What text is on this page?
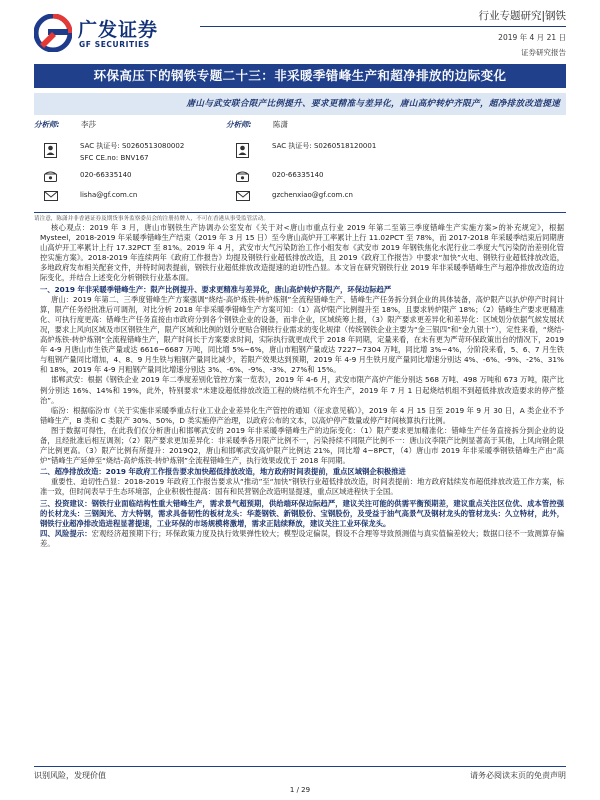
广发证券
GF SECURITIES
行业专题研究|钢铁
2019 年 4 月 21 日
证券研究报告
环保高压下的钢铁专题二十三：非采暖季错峰生产和超净排放的边际变化
唐山与武安联合限产比例提升、要求更精准与差异化，唐山高炉转炉齐限产，超净排放改造提速
分析师:	李莎
SAC 执证号: S0260513080002
SFC CE.no: BNV167
020-66335140
lisha@gf.com.cn
分析师:	陈潇
SAC 执证号: S0260518120001
020-66335140
gzchenxiao@gf.com.cn
请注意，陈潇并非香港证券及期货事务监察委员会的注册持牌人，不可在香港从事受监管活动。

核心观点：2019 年 3 月，唐山市钢铁生产协调办公室发布《关于对<唐山市重点行业 2019 年第二至第三季度错峰生产实施方案>的补充规定》，根据 Mysteel，2018-2019 年采暖季错峰生产结束（2019 年 3 月 15 日）至今唐山高炉开工率累计上行 11.02PCT 至 78%，而 2017-2018 年采暖季结束后同期唐山高炉开工率累计上行 17.32PCT 至 81%。2019 年 4 月，武安市大气污染防治工作小组发布《武安市 2019 年钢铁焦化水泥行业二季度大气污染防治差别化管控实施方案》。2018-2019 年连续两年《政府工作报告》均提及钢铁行业超低排放改造，且 2019《政府工作报告》中要求“加快”火电、钢铁行业超低排放改造，多地政府发布相关配套文件，并特时间表提前，钢铁行业超低排放改造提速的迫切性凸显。本文旨在研究钢铁行业 2019 年非采暖季错峰生产与超净排放改造的边际变化，并结合上述变化分析钢铁行业基本面。

一、2019 年非采暖季错峰生产：限产比例提升、要求更精准与差异化，唐山高炉转炉齐限产，环保边际趋严

唐山：2019 年第二、三季度错峰生产方案强调“烧结-高炉炼铁-转炉炼钢”全流程错峰生产、错峰生产任务拆分到企业的具体装备，高炉限产以扒炉停产时间计算，限产任务经批准后可调剂，对比分析 2018 年非采暖季错峰生产方案可知：（1）高炉限产比例提升至 18%，且要求转炉限产 18%；（2）错峰生产要求更精准化、可执行度更高：错峰生产任务直接由市政府分到各个钢铁企业的设备，而非企业，区域统筹上报，（3）限产要求更差异化和差异化：区域划分依据气候发展状况，要求上风向区域及市区钢铁生产，限产区域和比例的划分更贴合钢铁行业需求的变化规律（传统钢铁企业主要为“金三银四”和“金九银十”），定性来看，“烧结-高炉炼铁-转炉炼钢”全流程错峰生产，限产时间长于方案要求时间，实际执行就更成代于 2018 年同期，定量来看，在未有更为严苛环保政策出台的情况下，2019 年 4-9 月唐山市生铁产量或达 6616~6687 万吨，同比增 5%~6%，唐山市粗钢产量或达 7227~7304 万吨，同比增 3%~4%，分阶段来看，5、6、7 月生铁与粗钢产量同比增加，4、8、9 月生铁与粗钢产量同比减少，若限产效果达到预期，2019 年 4-9 月生铁月度产量同比增速分别达 4%、-6%、-9%、-2%、31%和 18%，2019 年 4-9 月粗钢产量同比增速分别达 3%、-6%、-9%、-3%、27%和 15%。

邯郸武安：根据《钢铁企业 2019 年二季度差别化管控方案一览表》，2019 年 4-6 月，武安市限产高炉产能分别达 568 万吨、498 万吨和 673 万吨，限产比例分别达 16%、14%和 19%，此外，特别要求“未建设超低排放改造工程的烧结机不允许生产，2019 年 7 月 1 日起烧结机组不到超低排放改造要求的停产整治”。

临汾：根据临汾市《关于实施非采暖季重点行业工业企业差异化生产管控的通知（征求意见稿）》，2019 年 4 月 15 日至 2019 年 9 月 30 日，A 类企业不予错峰生产，B 类和 C 类限产 30%、50%，D 类实施停产治理，以政府公布的文本，以高炉停产数量或停产时间核算执行比例。

图于数据可得性，在此我们仅分析唐山和邯郸武安的 2019 年非采暖季错峰生产的边际变化：（1）限产要求更加精准化：错峰生产任务直接拆分到企业的设备，且经批准后相互调剂；（2）限产要求更加差异化：非采暖季各月限产比例不一，污染持续不同限产比例不一：唐山汶李限产比例显著高于其他，上风向钢企限产比例更高。（3）限产比例有所提升：2019Q2，唐山和邯郸武安高炉限产比例达 21%，同比增 4~8PCT，（4）唐山市 2019 年非采暖季钢铁错峰生产由“高炉”错峰生产延伸至“烧结-高炉炼铁-转炉炼钢”全流程错峰生产，执行效果或优于 2018 年同期。

二、超净排放改造：2019 年政府工作报告要求加快超低排放改造，地方政府时间表提前，重点区域钢企积极推进

重要性、迫切性凸显：2018-2019 年政府工作报告要求从“推动”至“加快”钢铁行业超低排放改造，时间表提前：地方政府陆续发布超低排放改造工作方案，标准一致，但时间表早于生态环境部，企业积极性提高：国有和民营钢企改造明显提速，重点区域进程快于全国。

三、投资建议：钢铁行业面临结构性重大错峰生产，需求景气超预期，供给端环保边际趋严，建议关注可能的供需平衡预期差，建议重点关注区位优、成本管控强的长材龙头：三钢闽光、方大特钢，需求具备韧性的板材龙头：华菱钢铁、新钢股份、宝钢股份，及受益于油气高景气及钢材龙头的管材龙头：久立特材，此外，钢铁行业超净排改造进程显著提速，工业环保的市场规模将激增，需求正陆续释放，建议关注工业环保龙头。

四、风险提示：

宏观经济超预期下行；环保政策力度及执行效果弹性较大；模型设定偏误，假设不合理等导致预测值与真实值偏差较大；数据口径不一致测算存偏差。
识别风险，发现价值	请务必阅读末页的免责声明
1 / 29
